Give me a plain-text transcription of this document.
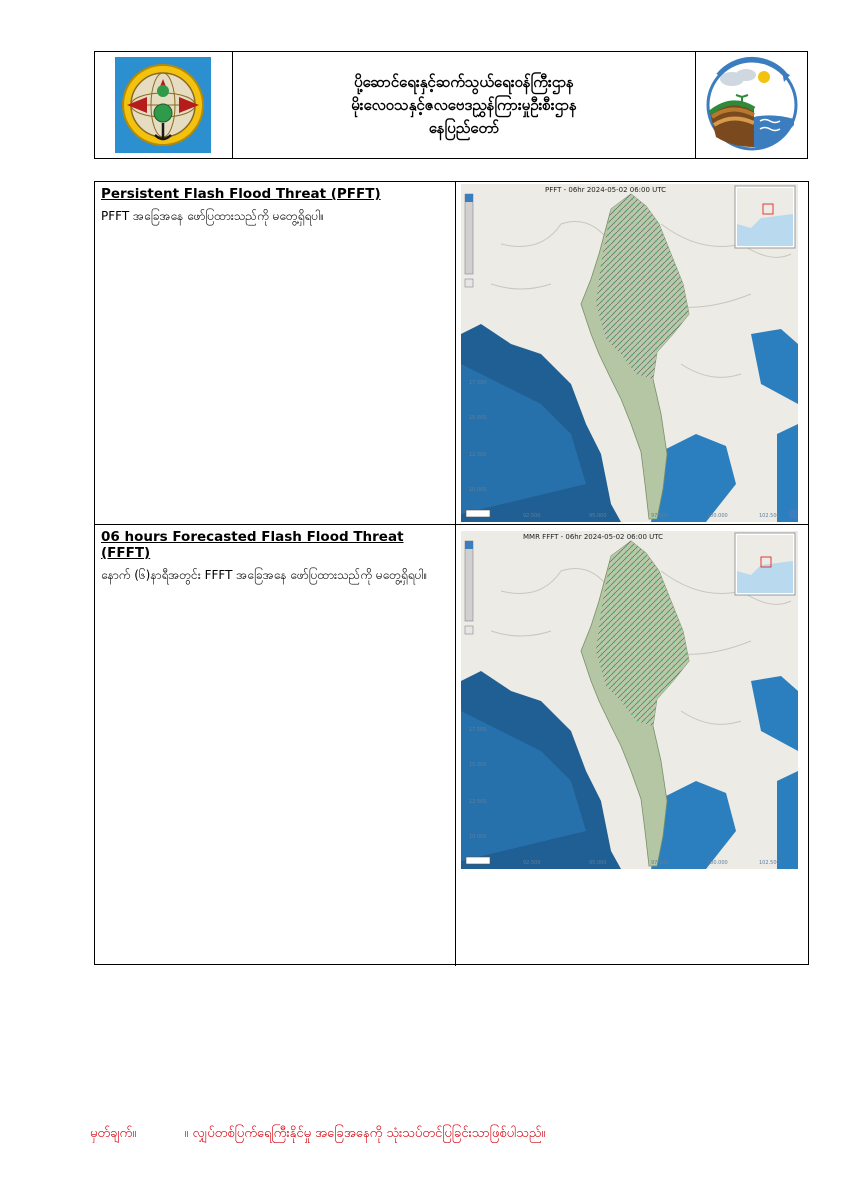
ပို့ဆောင်ရေးနှင့်ဆက်သွယ်ရေးဝန်ကြီးဌာန
မိုးလေဝသနှင့်ဇလဗေဒညွှန်ကြားမှုဦးစီးဌာန
နေပြည်တော်
Persistent Flash Flood Threat (PFFT)
PFFT အခြေအနေ ဖော်ပြထားသည်ကို မတွေ့ရှိရပါ။
17.500
15.000
12.500
10.000
92.500	95.000	97.500	100.000	102.500
PFFT - 06hr 2024-05-02 06:00 UTC
06 hours Forecasted Flash Flood Threat (FFFT)
နောက် (၆)နာရီအတွင်း FFFT အခြေအနေ ဖော်ပြထားသည်ကို မတွေ့ရှိရပါ။
17.500
15.000
12.500
10.000
92.500	95.000	97.500	100.000	102.500
MMR FFFT - 06hr 2024-05-02 06:00 UTC
မှတ်ချက်။	။ လျှပ်တစ်ပြက်ရေကြီးနိုင်မှု အခြေအနေကို သုံးသပ်တင်ပြခြင်းသာဖြစ်ပါသည်။
